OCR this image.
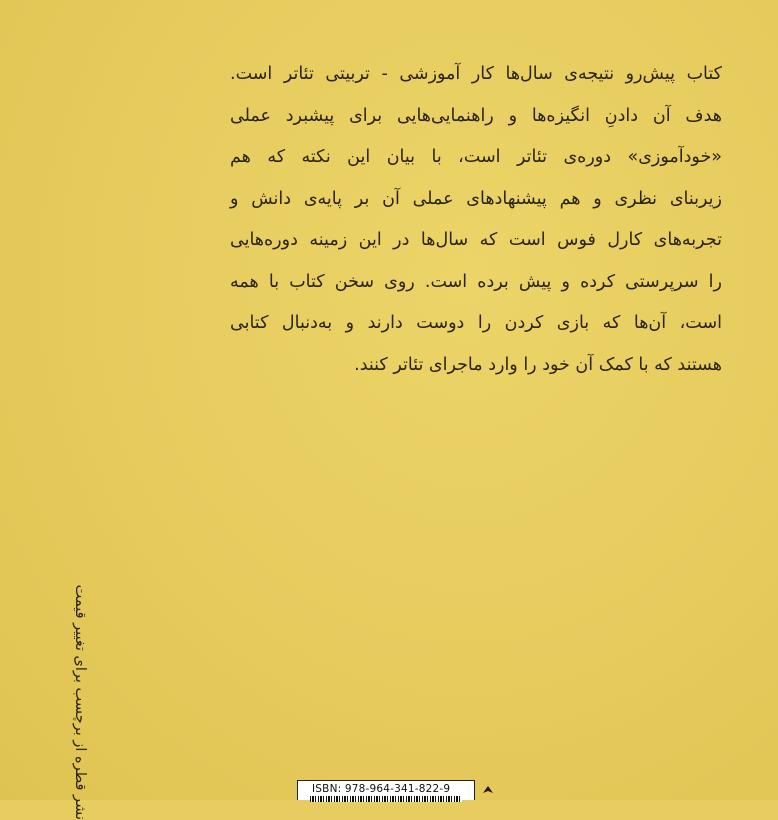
کتاب پیش‌رو نتیجه‌ی سال‌ها کار آموزشی - تربیتی تئاتر است.
هدف آن دادنِ انگیزه‌ها و راهنمایی‌هایی برای پیشبرد عملی
«خودآموزی» دوره‌ی تئاتر است، با بیان این نکته که هم
زیربنای نظری و هم پیشنهادهای عملی آن بر پایه‌ی دانش و
تجربه‌های کارل فوس است که سال‌ها در این زمینه دوره‌هایی
را سرپرستی کرده و پیش برده است. روی سخن کتاب با همه
است، آن‌ها که بازی کردن را دوست دارند و به‌دنبال کتابی
هستند که با کمک آن خود را وارد ماجرای تئاتر کنند.

نشر قطره از برچسب برای تغییر قیمت	ISBN: 978-964-341-822-9
